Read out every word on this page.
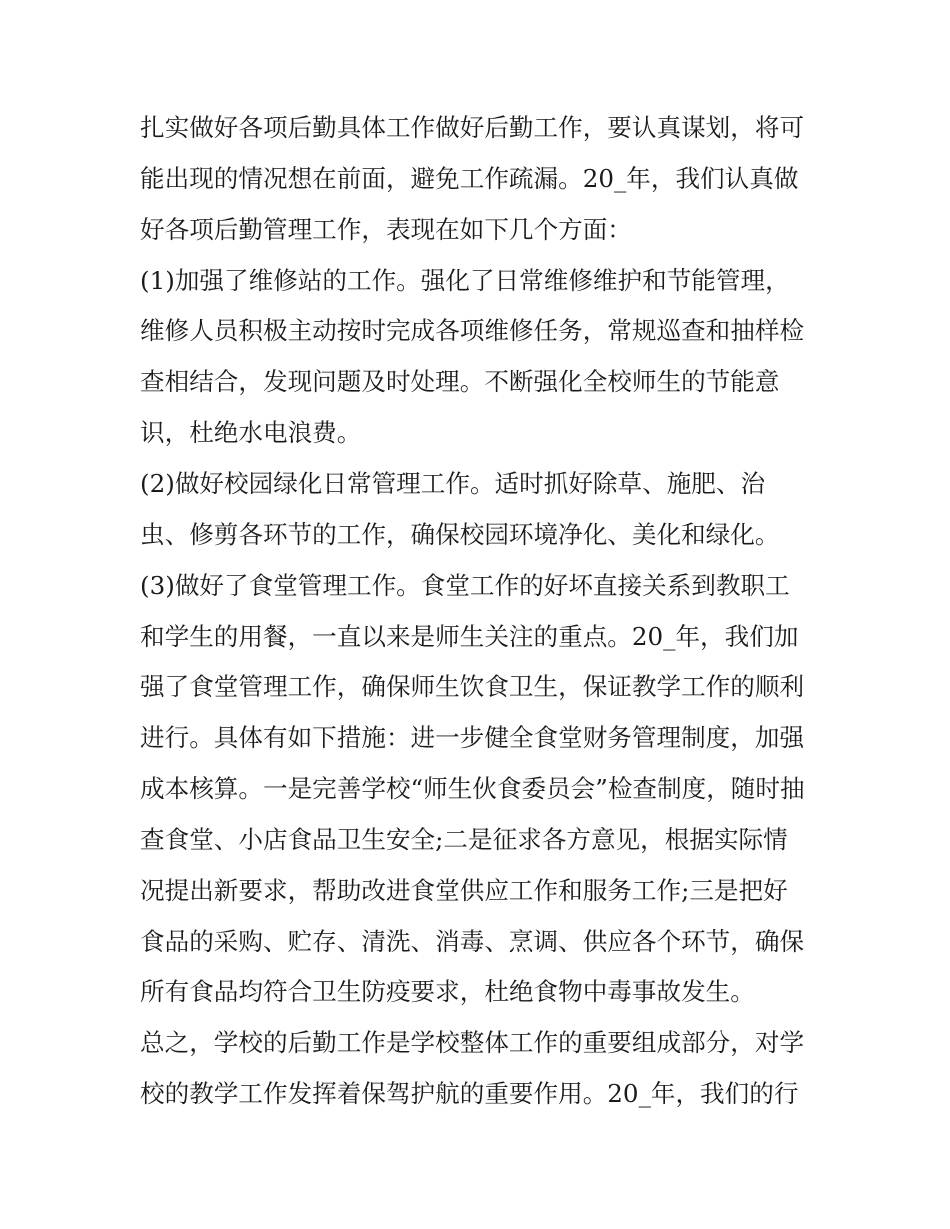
扎实做好各项后勤具体工作做好后勤工作，要认真谋划，将可
能出现的情况想在前面，避免工作疏漏。20_年，我们认真做
好各项后勤管理工作，表现在如下几个方面：
(1)加强了维修站的工作。强化了日常维修维护和节能管理，
维修人员积极主动按时完成各项维修任务，常规巡查和抽样检
查相结合，发现问题及时处理。不断强化全校师生的节能意
识，杜绝水电浪费。
(2)做好校园绿化日常管理工作。适时抓好除草、施肥、治
虫、修剪各环节的工作，确保校园环境净化、美化和绿化。
(3)做好了食堂管理工作。食堂工作的好坏直接关系到教职工
和学生的用餐，一直以来是师生关注的重点。20_年，我们加
强了食堂管理工作，确保师生饮食卫生，保证教学工作的顺利
进行。具体有如下措施：进一步健全食堂财务管理制度，加强
成本核算。一是完善学校“师生伙食委员会”检查制度，随时抽
查食堂、小店食品卫生安全;二是征求各方意见，根据实际情
况提出新要求，帮助改进食堂供应工作和服务工作;三是把好
食品的采购、贮存、清洗、消毒、烹调、供应各个环节，确保
所有食品均符合卫生防疫要求，杜绝食物中毒事故发生。
总之，学校的后勤工作是学校整体工作的重要组成部分，对学
校的教学工作发挥着保驾护航的重要作用。20_年，我们的行
